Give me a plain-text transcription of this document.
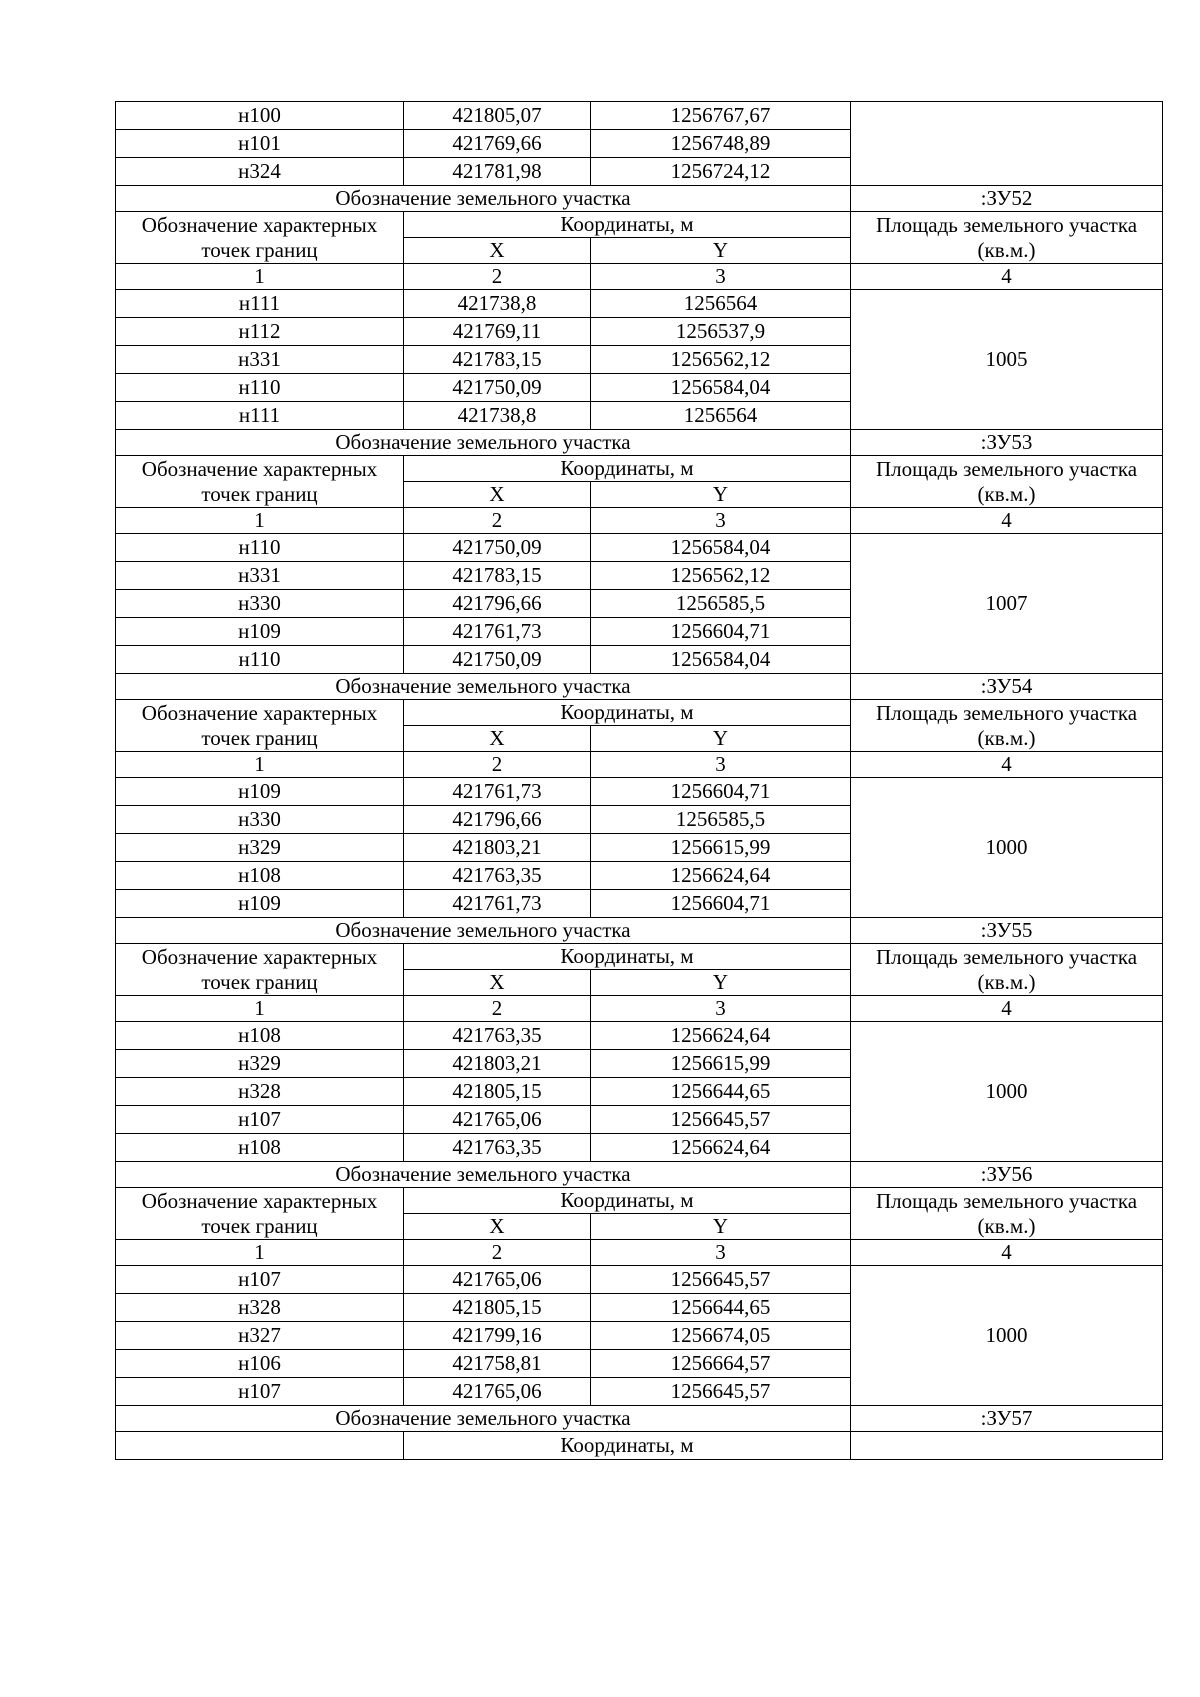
н100	421805,07	1256767,67	
н101	421769,66	1256748,89	
н324	421781,98	1256724,12	
Обозначение земельного участка			:ЗУ52
Обозначение характерных
точек границ	Координаты, м		Площадь земельного участка
(кв.м.)
	X	Y	
1	2	3	4
н111	421738,8	1256564	1005
н112	421769,11	1256537,9	
н331	421783,15	1256562,12	
н110	421750,09	1256584,04	
н111	421738,8	1256564	
Обозначение земельного участка			:ЗУ53
Обозначение характерных
точек границ	Координаты, м		Площадь земельного участка
(кв.м.)
	X	Y	
1	2	3	4
н110	421750,09	1256584,04	1007
н331	421783,15	1256562,12	
н330	421796,66	1256585,5	
н109	421761,73	1256604,71	
н110	421750,09	1256584,04	
Обозначение земельного участка			:ЗУ54
Обозначение характерных
точек границ	Координаты, м		Площадь земельного участка
(кв.м.)
	X	Y	
1	2	3	4
н109	421761,73	1256604,71	1000
н330	421796,66	1256585,5	
н329	421803,21	1256615,99	
н108	421763,35	1256624,64	
н109	421761,73	1256604,71	
Обозначение земельного участка			:ЗУ55
Обозначение характерных
точек границ	Координаты, м		Площадь земельного участка
(кв.м.)
	X	Y	
1	2	3	4
н108	421763,35	1256624,64	1000
н329	421803,21	1256615,99	
н328	421805,15	1256644,65	
н107	421765,06	1256645,57	
н108	421763,35	1256624,64	
Обозначение земельного участка			:ЗУ56
Обозначение характерных
точек границ	Координаты, м		Площадь земельного участка
(кв.м.)
	X	Y	
1	2	3	4
н107	421765,06	1256645,57	1000
н328	421805,15	1256644,65	
н327	421799,16	1256674,05	
н106	421758,81	1256664,57	
н107	421765,06	1256645,57	
Обозначение земельного участка			:ЗУ57
	Координаты, м		
